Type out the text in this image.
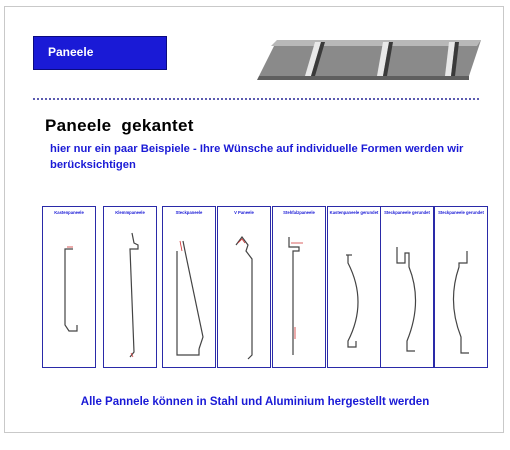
Paneele
Paneele  gekantet
hier nur ein paar Beispiele - Ihre Wünsche auf individuelle Formen werden wir berücksichtigen
Kastenpaneele	Klemmpaneele	Steckpaneele	V Paneele	Stehfalzpaneele	Kastenpaneele gerundet	Steckpaneele gerundet	Steckpaneele gerundet
Alle Pannele können in Stahl und Aluminium hergestellt werden
